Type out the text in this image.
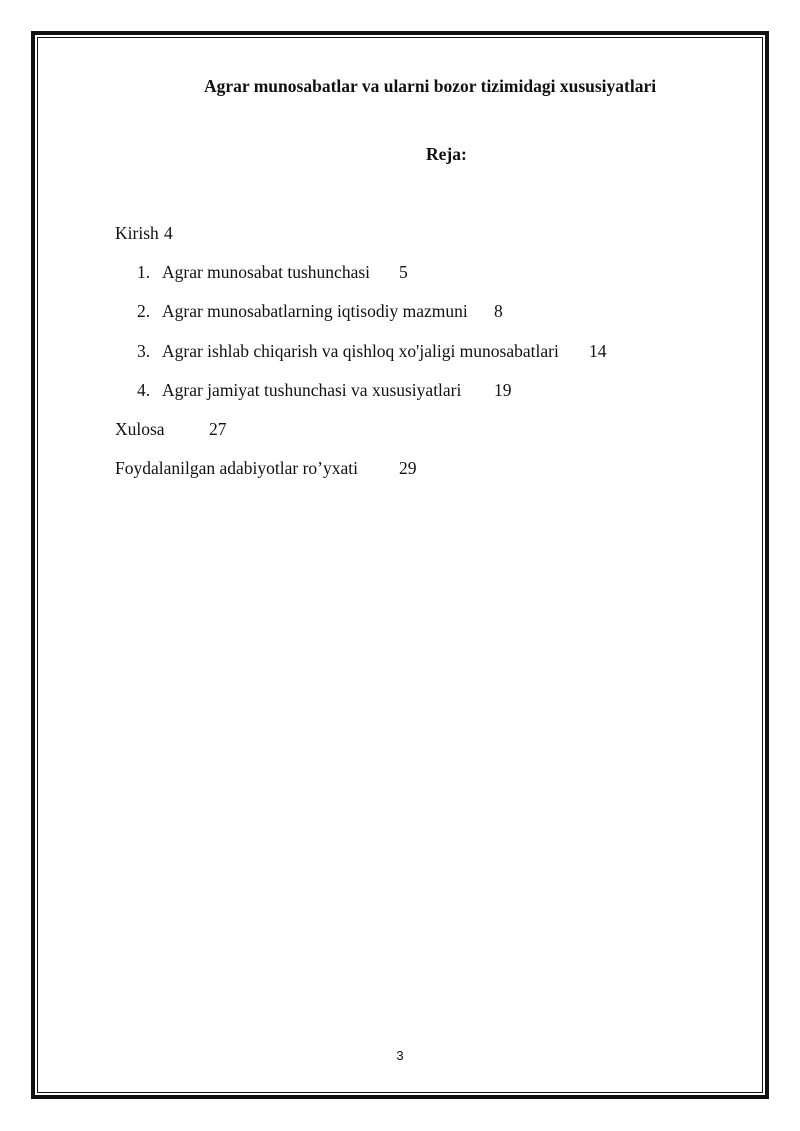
Agrar munosabatlar va ularni bozor tizimidagi xususiyatlari
Reja:
Kirish 4
1. Agrar munosabat tushunchasi 5
2. Agrar munosabatlarning iqtisodiy mazmuni 8
3. Agrar ishlab chiqarish va qishloq xo'jaligi munosabatlari 14
4. Agrar jamiyat tushunchasi va xususiyatlari 19
Xulosa	27
Foydalanilgan adabiyotlar ro’yxati 29
3
